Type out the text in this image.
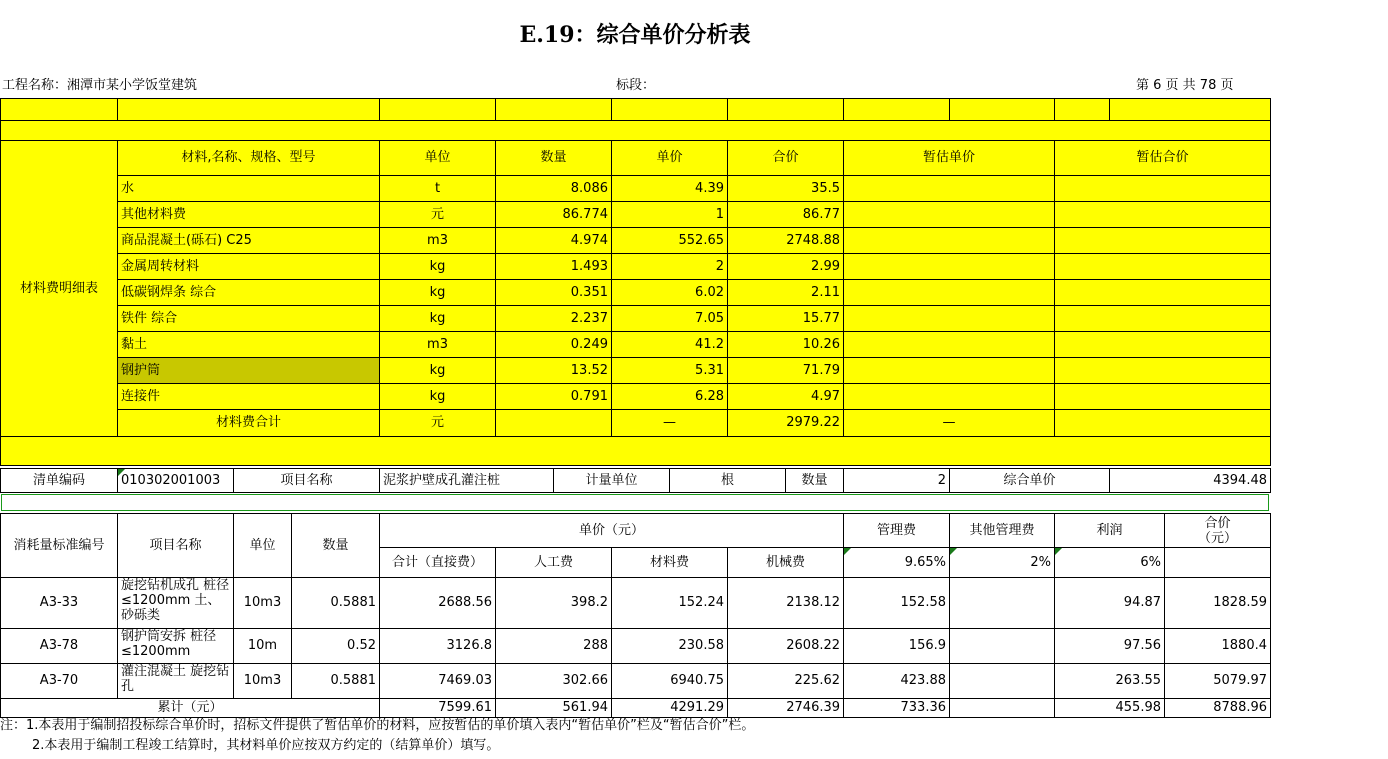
E.19：综合单价分析表
工程名称：湘潭市某小学饭堂建筑	标段：	第 6 页 共 78 页

材料费明细表	材料,名称、规格、型号	单位	数量	单价	合价	暂估单价		暂估合价	
	水	t	8.086	4.39	35.5				
	其他材料费	元	86.774	1	86.77				
	商品混凝土(砾石) C25	m3	4.974	552.65	2748.88				
	金属周转材料	kg	1.493	2	2.99				
	低碳钢焊条 综合	kg	0.351	6.02	2.11				
	铁件 综合	kg	2.237	7.05	15.77				
	黏土	m3	0.249	41.2	10.26				
	钢护筒	kg	13.52	5.31	71.79				
	连接件	kg	0.791	6.28	4.97				
	材料费合计	元		—	2979.22	—			

清单编码	010302001003	项目名称	泥浆护壁成孔灌注桩	计量单位	根	数量	2	综合单价	4394.48
消耗量标准编号	项目名称	单位	数量	单价（元）				管理费	其他管理费	利润	合价
（元）
				合计（直接费）	人工费	材料费	机械费	9.65%	2%	6%	
A3-33	旋挖钻机成孔 桩径≤1200mm 土、砂砾类	10m3	0.5881	2688.56	398.2	152.24	2138.12	152.58		94.87	1828.59
A3-78	钢护筒安拆 桩径≤1200mm	10m	0.52	3126.8	288	230.58	2608.22	156.9		97.56	1880.4
A3-70	灌注混凝土 旋挖钻孔	10m3	0.5881	7469.03	302.66	6940.75	225.62	423.88		263.55	5079.97
累计（元）				7599.61	561.94	4291.29	2746.39	733.36		455.98	8788.96
注：1.本表用于编制招投标综合单价时，招标文件提供了暂估单价的材料，应按暂估的单价填入表内“暂估单价”栏及“暂估合价”栏。
2.本表用于编制工程竣工结算时，其材料单价应按双方约定的（结算单价）填写。
